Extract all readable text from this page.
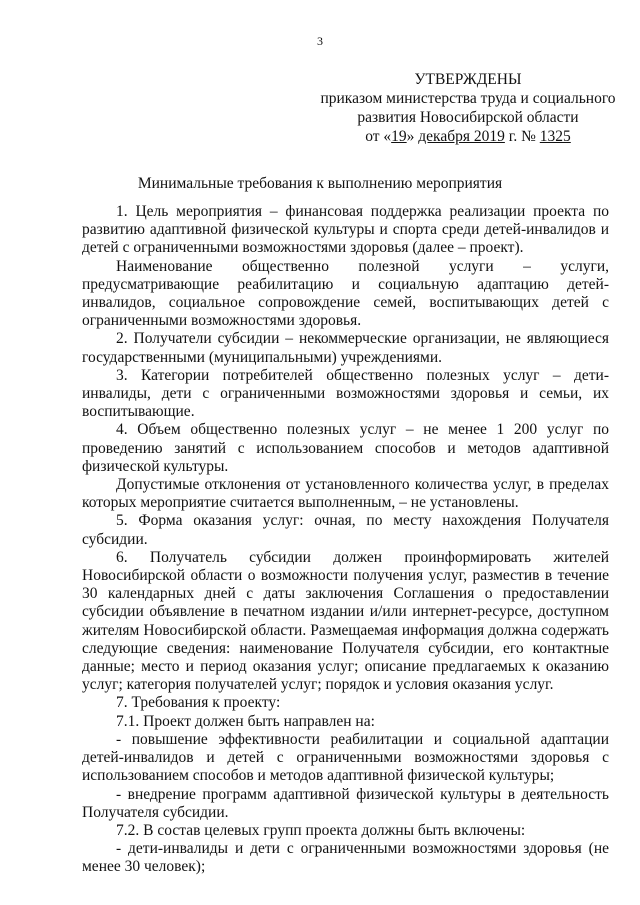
3
УТВЕРЖДЕНЫ
приказом министерства труда и социального
развития Новосибирской области
от «19» декабря 2019 г. № 1325
Минимальные требования к выполнению мероприятия

1. Цель мероприятия – финансовая поддержка реализации проекта по развитию адаптивной физической культуры и спорта среди детей-инвалидов и детей с ограниченными возможностями здоровья (далее – проект).

Наименование общественно полезной услуги – услуги, предусматривающие реабилитацию и социальную адаптацию детей-инвалидов, социальное сопровождение семей, воспитывающих детей с ограниченными возможностями здоровья.

2. Получатели субсидии – некоммерческие организации, не являющиеся государственными (муниципальными) учреждениями.

3. Категории потребителей общественно полезных услуг – дети-инвалиды, дети с ограниченными возможностями здоровья и семьи, их воспитывающие.

4. Объем общественно полезных услуг – не менее 1 200 услуг по проведению занятий с использованием способов и методов адаптивной физической культуры.

Допустимые отклонения от установленного количества услуг, в пределах которых мероприятие считается выполненным, – не установлены.

5. Форма оказания услуг: очная, по месту нахождения Получателя субсидии.

6. Получатель субсидии должен проинформировать жителей Новосибирской области о возможности получения услуг, разместив в течение 30 календарных дней с даты заключения Соглашения о предоставлении субсидии объявление в печатном издании и/или интернет-ресурсе, доступном жителям Новосибирской области. Размещаемая информация должна содержать следующие сведения: наименование Получателя субсидии, его контактные данные; место и период оказания услуг; описание предлагаемых к оказанию услуг; категория получателей услуг; порядок и условия оказания услуг.

7. Требования к проекту:

7.1. Проект должен быть направлен на:

- повышение эффективности реабилитации и социальной адаптации детей-инвалидов и детей с ограниченными возможностями здоровья с использованием способов и методов адаптивной физической культуры;

- внедрение программ адаптивной физической культуры в деятельность Получателя субсидии.

7.2. В состав целевых групп проекта должны быть включены:

- дети-инвалиды и дети с ограниченными возможностями здоровья (не менее 30 человек);
